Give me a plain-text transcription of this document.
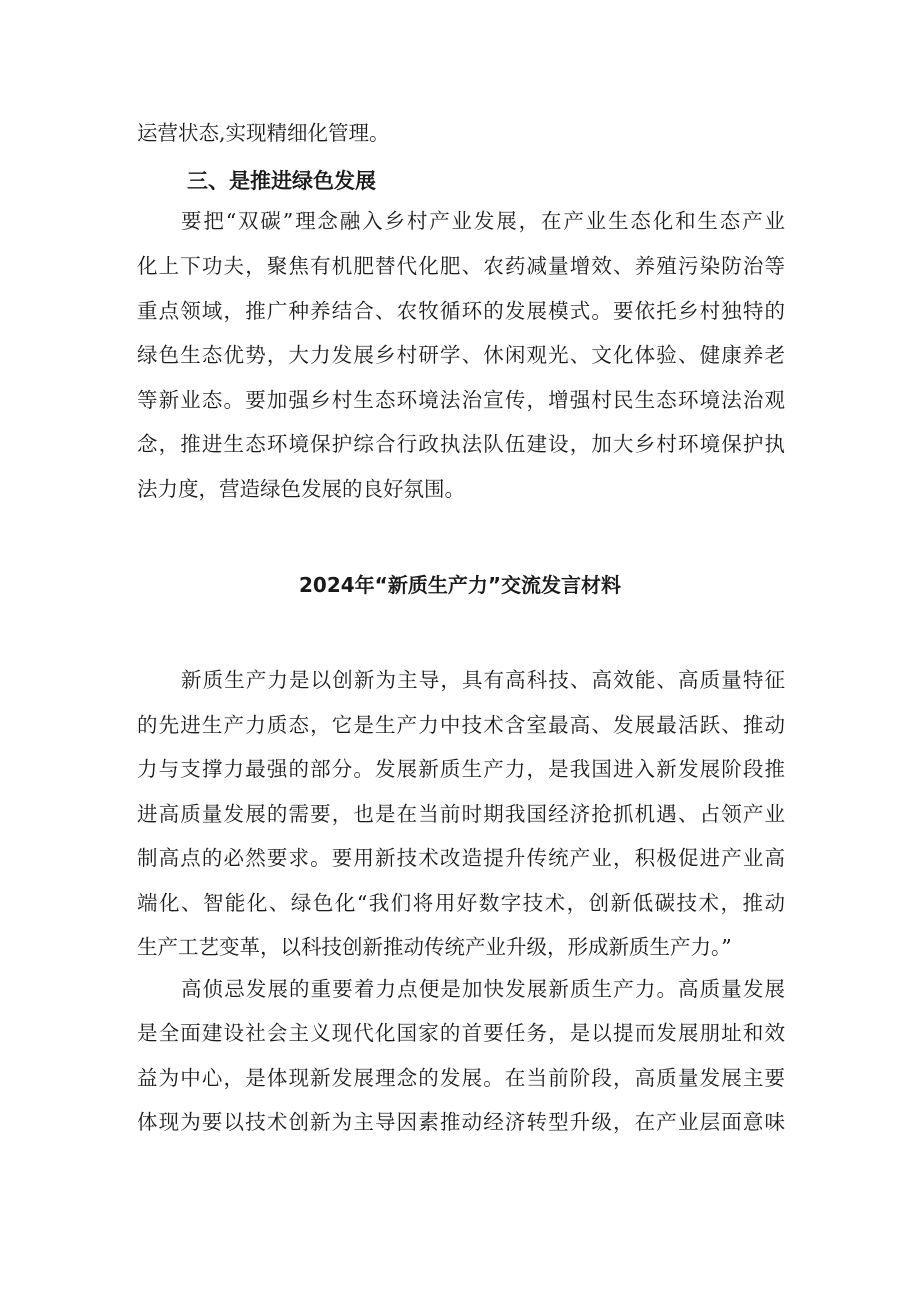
运营状态,实现精细化管理。
三、是推进绿色发展
要把“双碳”理念融入乡村产业发展，在产业生态化和生态产业
化上下功夫，聚焦有机肥替代化肥、农药减量增效、养殖污染防治等
重点领域，推广种养结合、农牧循环的发展模式。要依托乡村独特的
绿色生态优势，大力发展乡村研学、休闲观光、文化体验、健康养老
等新业态。要加强乡村生态环境法治宣传，增强村民生态环境法治观
念，推进生态环境保护综合行政执法队伍建设，加大乡村环境保护执
法力度，营造绿色发展的良好氛围。
2024年“新质生产力”交流发言材料
新质生产力是以创新为主导，具有高科技、高效能、高质量特征
的先进生产力质态，它是生产力中技术含室最高、发展最活跃、推动
力与支撑力最强的部分。发展新质生产力，是我国进入新发展阶段推
进高质量发展的需要，也是在当前时期我国经济抢抓机遇、占领产业
制高点的必然要求。要用新技术改造提升传统产业，积极促进产业高
端化、智能化、绿色化“我们将用好数字技术，创新低碳技术，推动
生产工艺变革，以科技创新推动传统产业升级，形成新质生产力。”
高侦忌发展的重要着力点便是加快发展新质生产力。高质量发展
是全面建设社会主义现代化国家的首要任务，是以提而发展朋址和效
益为中心，是体现新发展理念的发展。在当前阶段，高质量发展主要
体现为要以技术创新为主导因素推动经济转型升级，在产业层面意味
